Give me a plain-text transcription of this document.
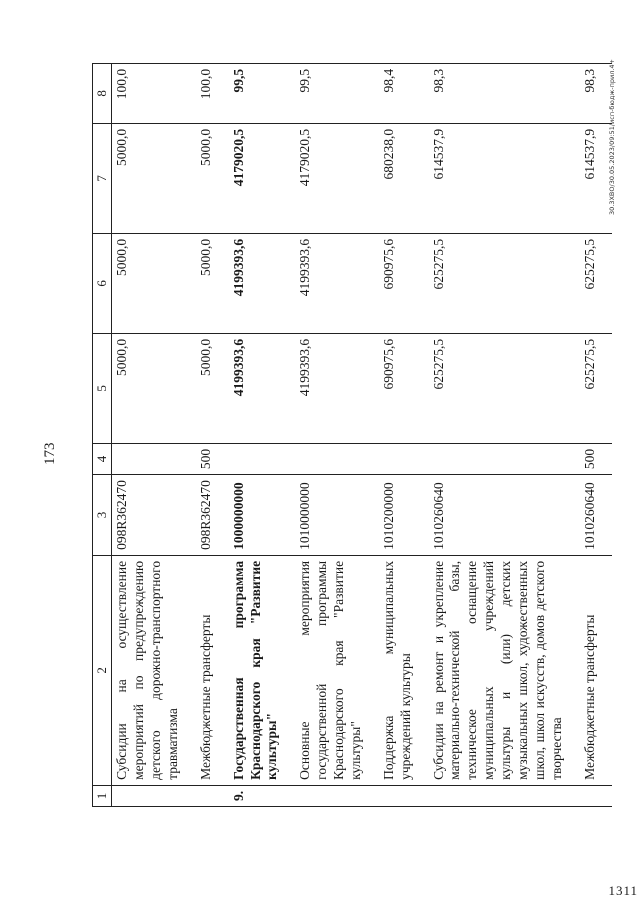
173
1	2	3	4	5	6	7	8
	Субсидии на осуществление мероприятий по предупреждению детского дорожно-транспортного травматизма	098R362470		5000,0	5000,0	5000,0	100,0
	Межбюджетные трансферты	098R362470	500	5000,0	5000,0	5000,0	100,0
9.	Государственная программа Краснодарского края "Развитие культуры"	1000000000		4199393,6	4199393,6	4179020,5	99,5
	Основные мероприятия государственной программы Краснодарского края "Развитие культуры"	1010000000		4199393,6	4199393,6	4179020,5	99,5
	Поддержка муниципальных учреждений культуры	1010200000		690975,6	690975,6	680238,0	98,4
	Субсидии на ремонт и укрепление материально-технической базы, техническое оснащение муниципальных учреждений культуры и (или) детских музыкальных школ, художественных школ, школ искусств, домов детского творчества	1010260640		625275,5	625275,5	614537,9	98,3
	Межбюджетные трансферты	1010260640	500	625275,5	625275,5	614537,9	98,3 30.3ХВО/30.05.2023/09:51/исп-бюдж-прил.4+
1311
